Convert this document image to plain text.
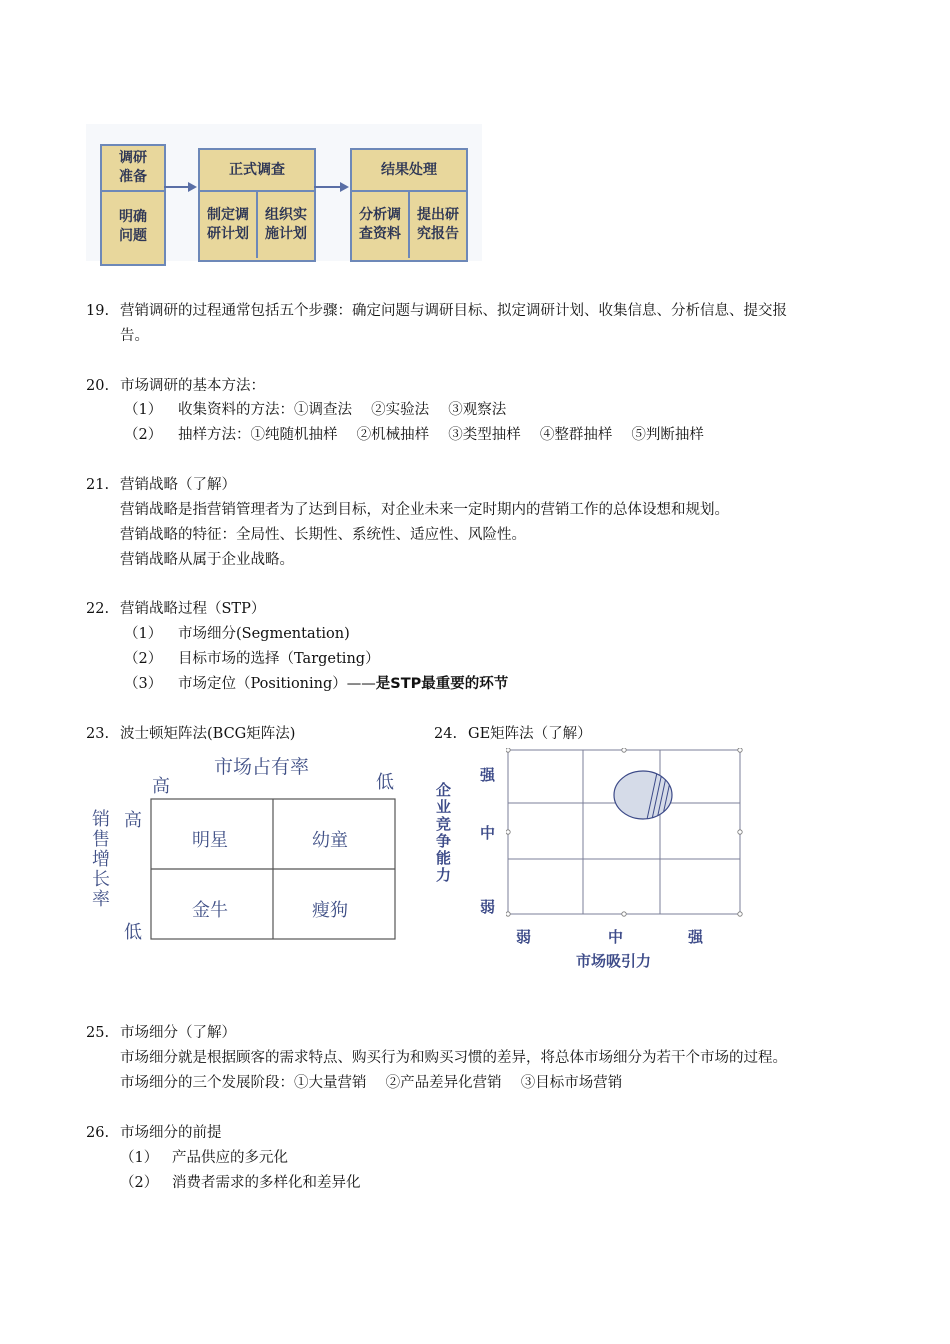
调研
准备
明确
问题
正式调查
制定调
研计划
组织实
施计划
结果处理
分析调
查资料
提出研
究报告
19. 营销调研的过程通常包括五个步骤：确定问题与调研目标、拟定调研计划、收集信息、分析信息、提交报
告。
20. 市场调研的基本方法：
（1） 收集资料的方法：①调查法　 ②实验法　 ③观察法
（2） 抽样方法：①纯随机抽样　 ②机械抽样　 ③类型抽样　 ④整群抽样　 ⑤判断抽样
21. 营销战略（了解）
营销战略是指营销管理者为了达到目标，对企业未来一定时期内的营销工作的总体设想和规划。
营销战略的特征：全局性、长期性、系统性、适应性、风险性。
营销战略从属于企业战略。
22. 营销战略过程（STP）
（1） 市场细分(Segmentation)
（2） 目标市场的选择（Targeting）
（3） 市场定位（Positioning）——是STP最重要的环节
23. 波士顿矩阵法(BCG矩阵法)	24. GE矩阵法（了解）
市场占有率
高	低
高
低
销
售
增
长
率
明星	幼童
金牛	瘦狗
企
业
竞
争
能
力
强
中
弱
弱	中	强
市场吸引力
25. 市场细分（了解）
市场细分就是根据顾客的需求特点、购买行为和购买习惯的差异，将总体市场细分为若干个市场的过程。
市场细分的三个发展阶段：①大量营销　 ②产品差异化营销　 ③目标市场营销
26. 市场细分的前提
（1） 产品供应的多元化
（2） 消费者需求的多样化和差异化
